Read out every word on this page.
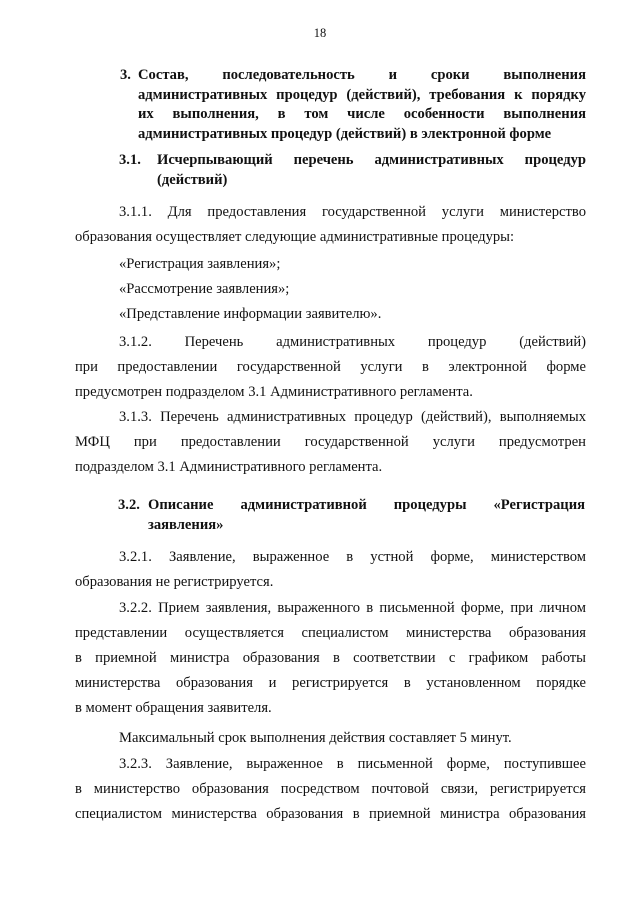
18
3. Состав, последовательность и сроки выполнения
административных процедур (действий), требования к порядку
их выполнения, в том числе особенности выполнения
административных процедур (действий) в электронной форме
3.1.	Исчерпывающий перечень административных процедур
(действий)
3.1.1. Для предоставления государственной услуги министерство
образования осуществляет следующие административные процедуры:
«Регистрация заявления»;
«Рассмотрение заявления»;
«Представление информации заявителю».
3.1.2. Перечень административных процедур (действий)
при предоставлении государственной услуги в электронной форме
предусмотрен подразделом 3.1 Административного регламента.
3.1.3. Перечень административных процедур (действий), выполняемых
МФЦ при предоставлении государственной услуги предусмотрен
подразделом 3.1 Административного регламента.
3.2. Описание административной процедуры «Регистрация
заявления»
3.2.1. Заявление, выраженное в устной форме, министерством
образования не регистрируется.
3.2.2. Прием заявления, выраженного в письменной форме, при личном
представлении осуществляется специалистом министерства образования
в приемной министра образования в соответствии с графиком работы
министерства образования и регистрируется в установленном порядке
в момент обращения заявителя.
Максимальный срок выполнения действия составляет 5 минут.
3.2.3. Заявление, выраженное в письменной форме, поступившее
в министерство образования посредством почтовой связи, регистрируется
специалистом министерства образования в приемной министра образования
